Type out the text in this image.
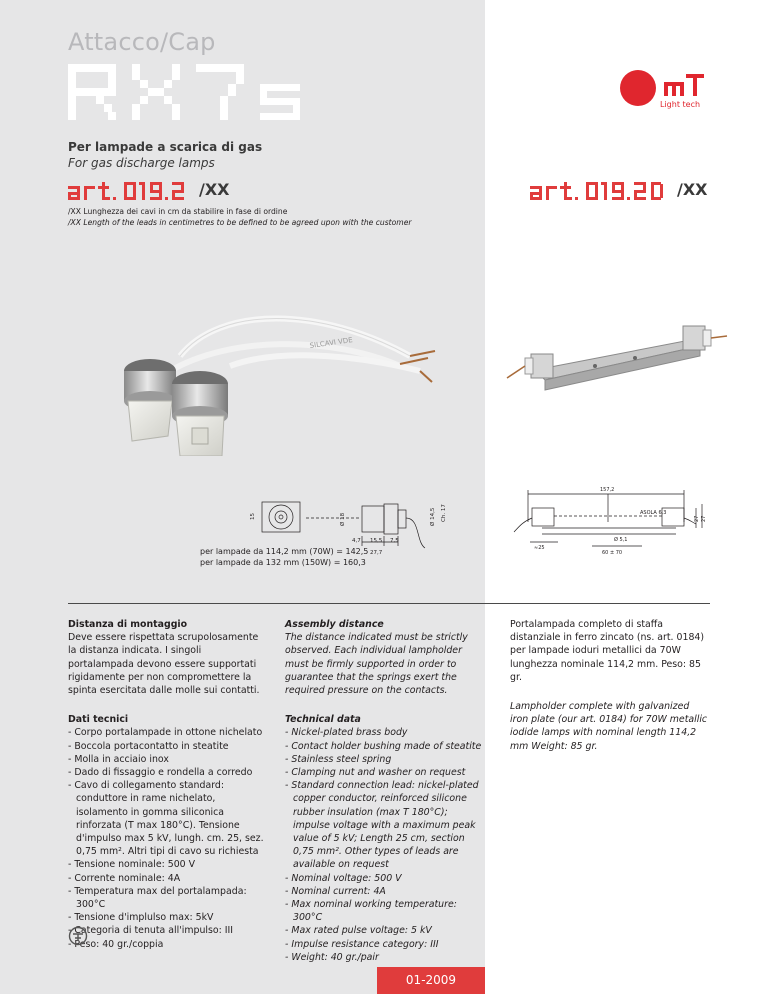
Attacco/Cap
Light tech
Per lampade a scarica di gas
For gas discharge lamps
/XX	/XX
/XX Lunghezza dei cavi in cm da stabilire in fase di ordine
/XX Length of the leads in centimetres to be defined to be agreed upon with the customer
SILCAVI VDE
15	Ø 18
4,7 15,5 7,5
27,7
Ø 14,5 Ch. 17
per lampade da 114,2 mm (70W) = 142,5
per lampade da 132 mm (150W) = 160,3
157,2
ASOLA 6,3
27 27
≈25
Ø 5,1
60 ± 70
Distanza di montaggio
Deve essere rispettata scrupolosamente la distanza indicata. I singoli portalampada devono essere supportati rigidamente per non compromettere la spinta esercitata dalle molle sui contatti.
Dati tecnici
- Corpo portalampade in ottone nichelato
- Boccola portacontatto in steatite
- Molla in acciaio inox
- Dado di fissaggio e rondella a corredo
- Cavo di collegamento standard: conduttore in rame nichelato, isolamento in gomma siliconica rinforzata (T max 180°C). Tensione d'impulso max 5 kV, lungh. cm. 25, sez. 0,75 mm². Altri tipi di cavo su richiesta
- Tensione nominale: 500 V
- Corrente nominale: 4A
- Temperatura max del portalampada: 300°C
- Tensione d'implulso max: 5kV
- Categoria di tenuta all'impulso: III
- Peso: 40 gr./coppia
Assembly distance
The distance indicated must be strictly observed. Each individual lampholder must be firmly supported in order to guarantee that the springs exert the required pressure on the contacts.
Technical data
- Nickel-plated brass body
- Contact holder bushing made of steatite
- Stainless steel spring
- Clamping nut and washer on request
- Standard connection lead: nickel-plated copper conductor, reinforced silicone rubber insulation (max T 180°C); impulse voltage with a maximum peak value of 5 kV; Length 25 cm, section 0,75 mm². Other types of leads are available on request
- Nominal voltage: 500 V
- Nominal current: 4A
- Max nominal working temperature: 300°C
- Max rated pulse voltage: 5 kV
- Impulse resistance category: III
- Weight: 40 gr./pair
Portalampada completo di staffa distanziale in ferro zincato (ns. art. 0184) per lampade ioduri metallici da 70W lunghezza nominale 114,2 mm. Peso: 85 gr.
Lampholder complete with galvanized iron plate (our art. 0184) for 70W metallic iodide lamps with nominal length 114,2 mm Weight: 85 gr.
01-2009
